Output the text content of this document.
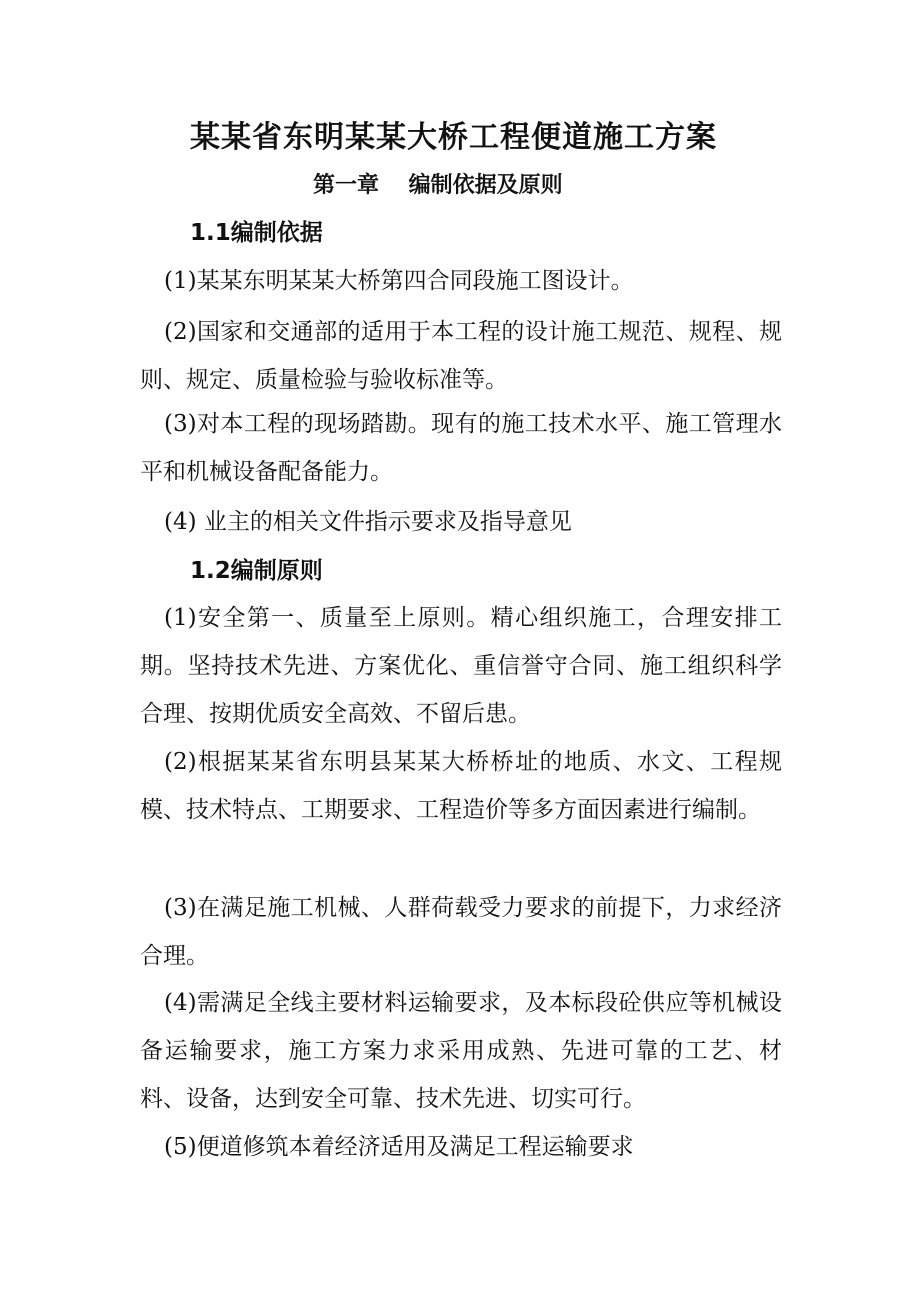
某某省东明某某大桥工程便道施工方案
第一章　 编制依据及原则
1.1编制依据
(1)某某东明某某大桥第四合同段施工图设计。
(2)国家和交通部的适用于本工程的设计施工规范、规程、规则、规定、质量检验与验收标准等。
(3)对本工程的现场踏勘。现有的施工技术水平、施工管理水平和机械设备配备能力。
(4) 业主的相关文件指示要求及指导意见
1.2编制原则
(1)安全第一、质量至上原则。精心组织施工，合理安排工期。坚持技术先进、方案优化、重信誉守合同、施工组织科学合理、按期优质安全高效、不留后患。
(2)根据某某省东明县某某大桥桥址的地质、水文、工程规模、技术特点、工期要求、工程造价等多方面因素进行编制。
(3)在满足施工机械、人群荷载受力要求的前提下，力求经济合理。
(4)需满足全线主要材料运输要求，及本标段砼供应等机械设备运输要求，施工方案力求采用成熟、先进可靠的工艺、材料、设备，达到安全可靠、技术先进、切实可行。
(5)便道修筑本着经济适用及满足工程运输要求
